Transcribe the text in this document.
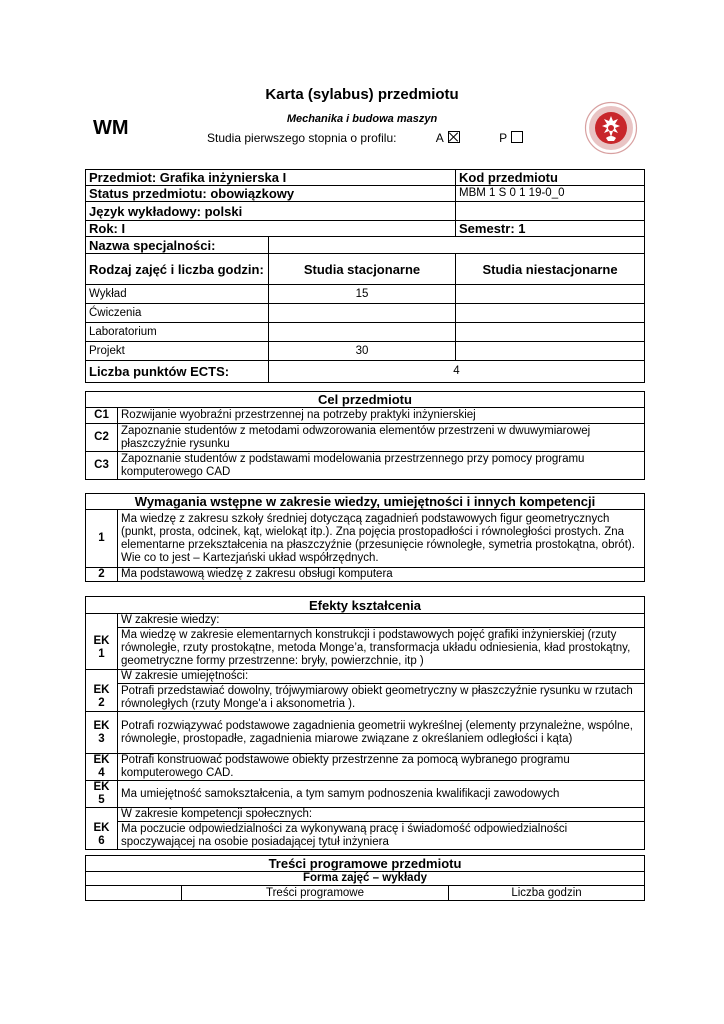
WM
Karta (sylabus) przedmiotu
Mechanika i budowa maszyn
Studia pierwszego stopnia o profilu:	A	P
Przedmiot: Grafika inżynierska I		Kod przedmiotu
Status przedmiotu: obowiązkowy		MBM 1 S 0 1 19-0_0
Język wykładowy: polski		
Rok: I		Semestr: 1
Nazwa specjalności:		
Rodzaj zajęć i liczba godzin:	Studia stacjonarne	Studia niestacjonarne
Wykład	15	
Ćwiczenia		
Laboratorium		
Projekt	30	
Liczba punktów ECTS:	4	
Cel przedmiotu	
C1	Rozwijanie wyobraźni przestrzennej na potrzeby praktyki inżynierskiej
C2	Zapoznanie studentów z metodami odwzorowania elementów przestrzeni w dwuwymiarowej płaszczyźnie rysunku
C3	Zapoznanie studentów z podstawami modelowania przestrzennego przy pomocy programu komputerowego CAD
Wymagania wstępne w zakresie wiedzy, umiejętności i innych kompetencji	
1	Ma wiedzę z zakresu szkoły średniej dotyczącą zagadnień podstawowych figur geometrycznych (punkt, prosta, odcinek, kąt, wielokąt itp.). Zna pojęcia prostopadłości i równoległości prostych. Zna elementarne przekształcenia na płaszczyźnie (przesunięcie równoległe, symetria prostokątna, obrót). Wie co to jest – Kartezjański układ współrzędnych.
2	Ma podstawową wiedzę z zakresu obsługi komputera
Efekty kształcenia	
	W zakresie wiedzy:
EK 1	Ma wiedzę w zakresie elementarnych konstrukcji i podstawowych pojęć grafiki inżynierskiej (rzuty równoległe, rzuty prostokątne, metoda Monge’a, transformacja układu odniesienia, kład prostokątny, geometryczne formy przestrzenne: bryły, powierzchnie, itp )
	W zakresie umiejętności:
EK 2	Potrafi przedstawiać dowolny, trójwymiarowy obiekt geometryczny w płaszczyźnie rysunku w rzutach równoległych (rzuty Monge'a i aksonometria ).
EK 3	Potrafi rozwiązywać podstawowe zagadnienia geometrii wykreślnej (elementy przynależne, wspólne, równoległe, prostopadłe, zagadnienia miarowe związane z określaniem odległości i kąta)
EK 4	Potrafi konstruować podstawowe obiekty przestrzenne za pomocą wybranego programu komputerowego CAD.
EK 5	Ma umiejętność samokształcenia, a tym samym podnoszenia kwalifikacji zawodowych
	W zakresie kompetencji społecznych:
EK 6	Ma poczucie odpowiedzialności za wykonywaną pracę i świadomość odpowiedzialności spoczywającej na osobie posiadającej tytuł inżyniera
Treści programowe przedmiotu
Forma zajęć – wykłady
	Treści programowe	Liczba godzin
